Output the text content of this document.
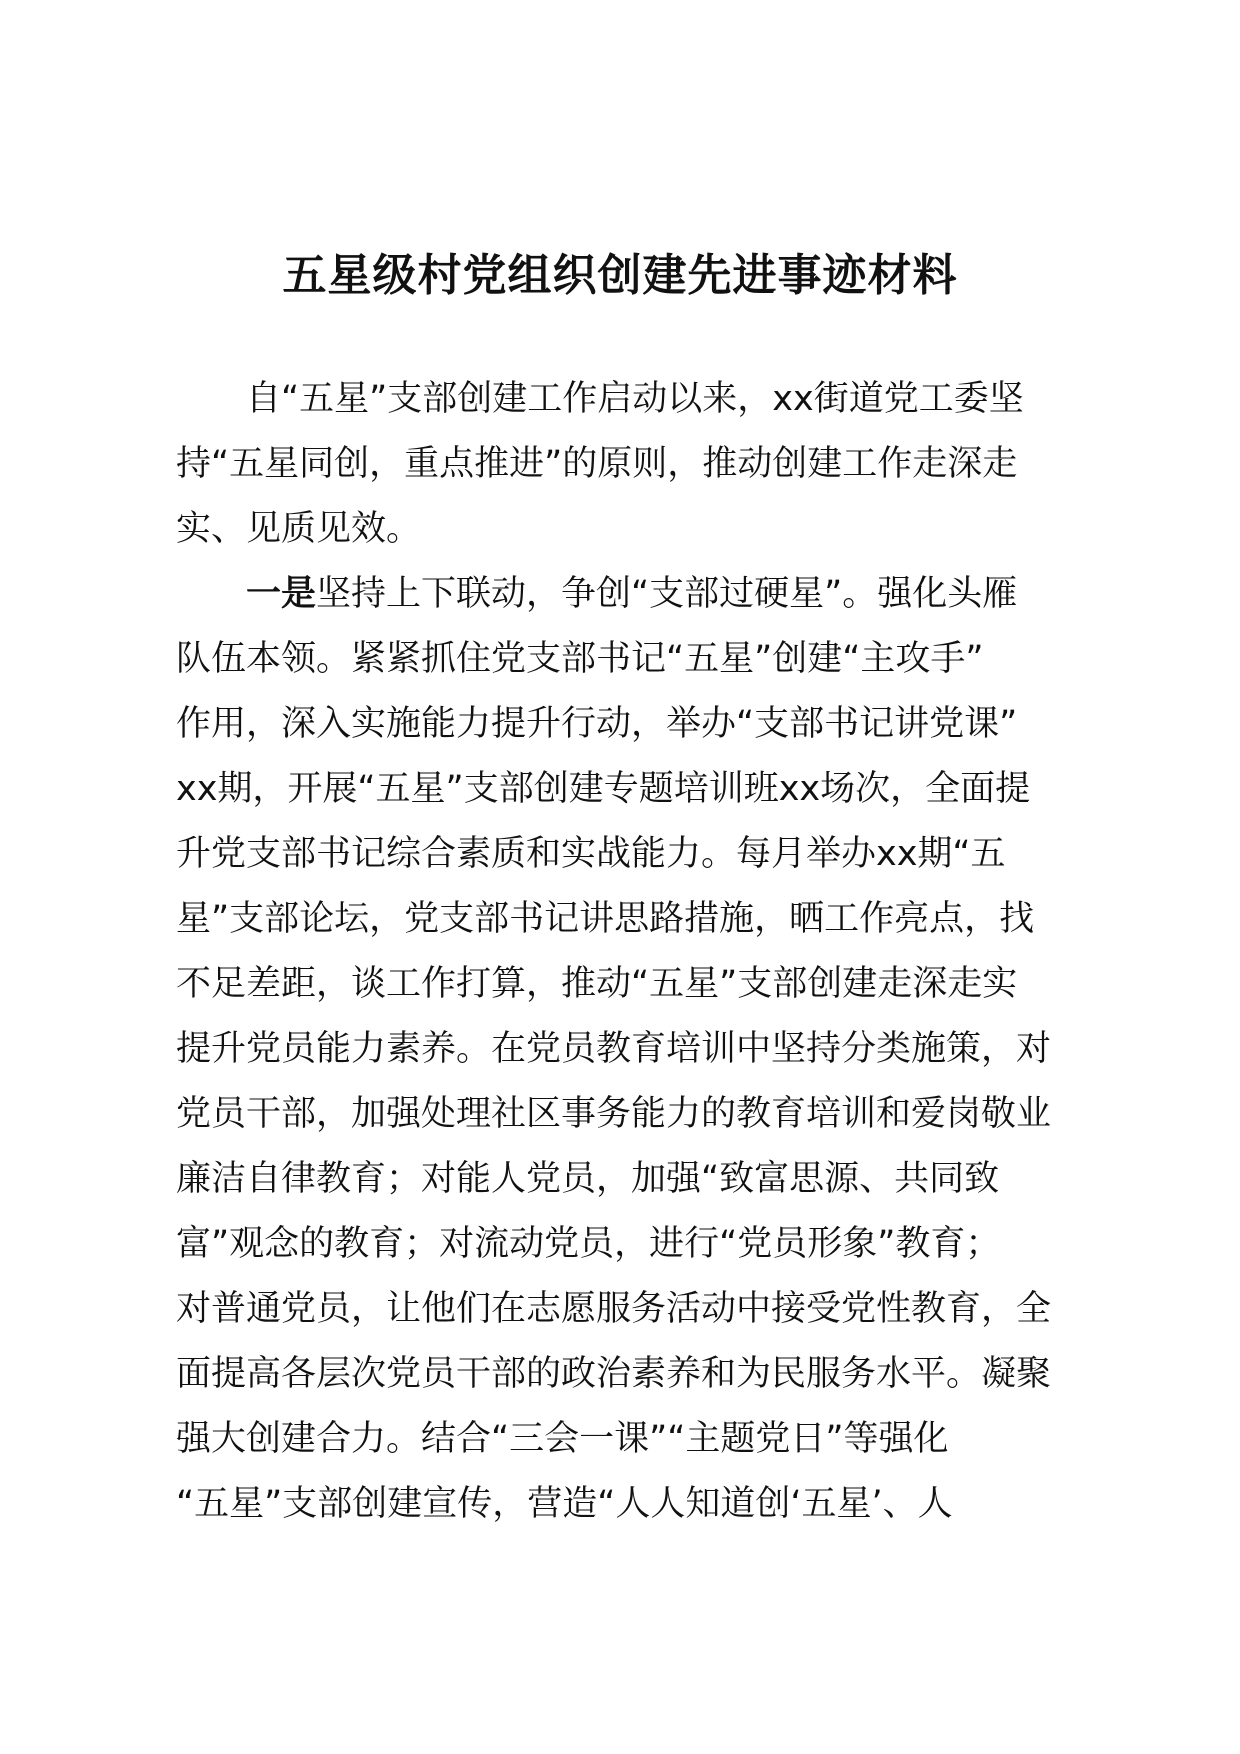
五星级村党组织创建先进事迹材料
自“五星”支部创建工作启动以来，xx街道党工委坚
持“五星同创，重点推进”的原则，推动创建工作走深走
实、见质见效。
一是坚持上下联动，争创“支部过硬星”。强化头雁
队伍本领。紧紧抓住党支部书记“五星”创建“主攻手”
作用，深入实施能力提升行动，举办“支部书记讲党课”
xx期，开展“五星”支部创建专题培训班xx场次，全面提
升党支部书记综合素质和实战能力。每月举办xx期“五
星”支部论坛，党支部书记讲思路措施，晒工作亮点，找
不足差距，谈工作打算，推动“五星”支部创建走深走实
提升党员能力素养。在党员教育培训中坚持分类施策，对
党员干部，加强处理社区事务能力的教育培训和爱岗敬业
廉洁自律教育；对能人党员，加强“致富思源、共同致
富”观念的教育；对流动党员，进行“党员形象”教育；
对普通党员，让他们在志愿服务活动中接受党性教育，全
面提高各层次党员干部的政治素养和为民服务水平。凝聚
强大创建合力。结合“三会一课”“主题党日”等强化
“五星”支部创建宣传，营造“人人知道创‘五星’、人
